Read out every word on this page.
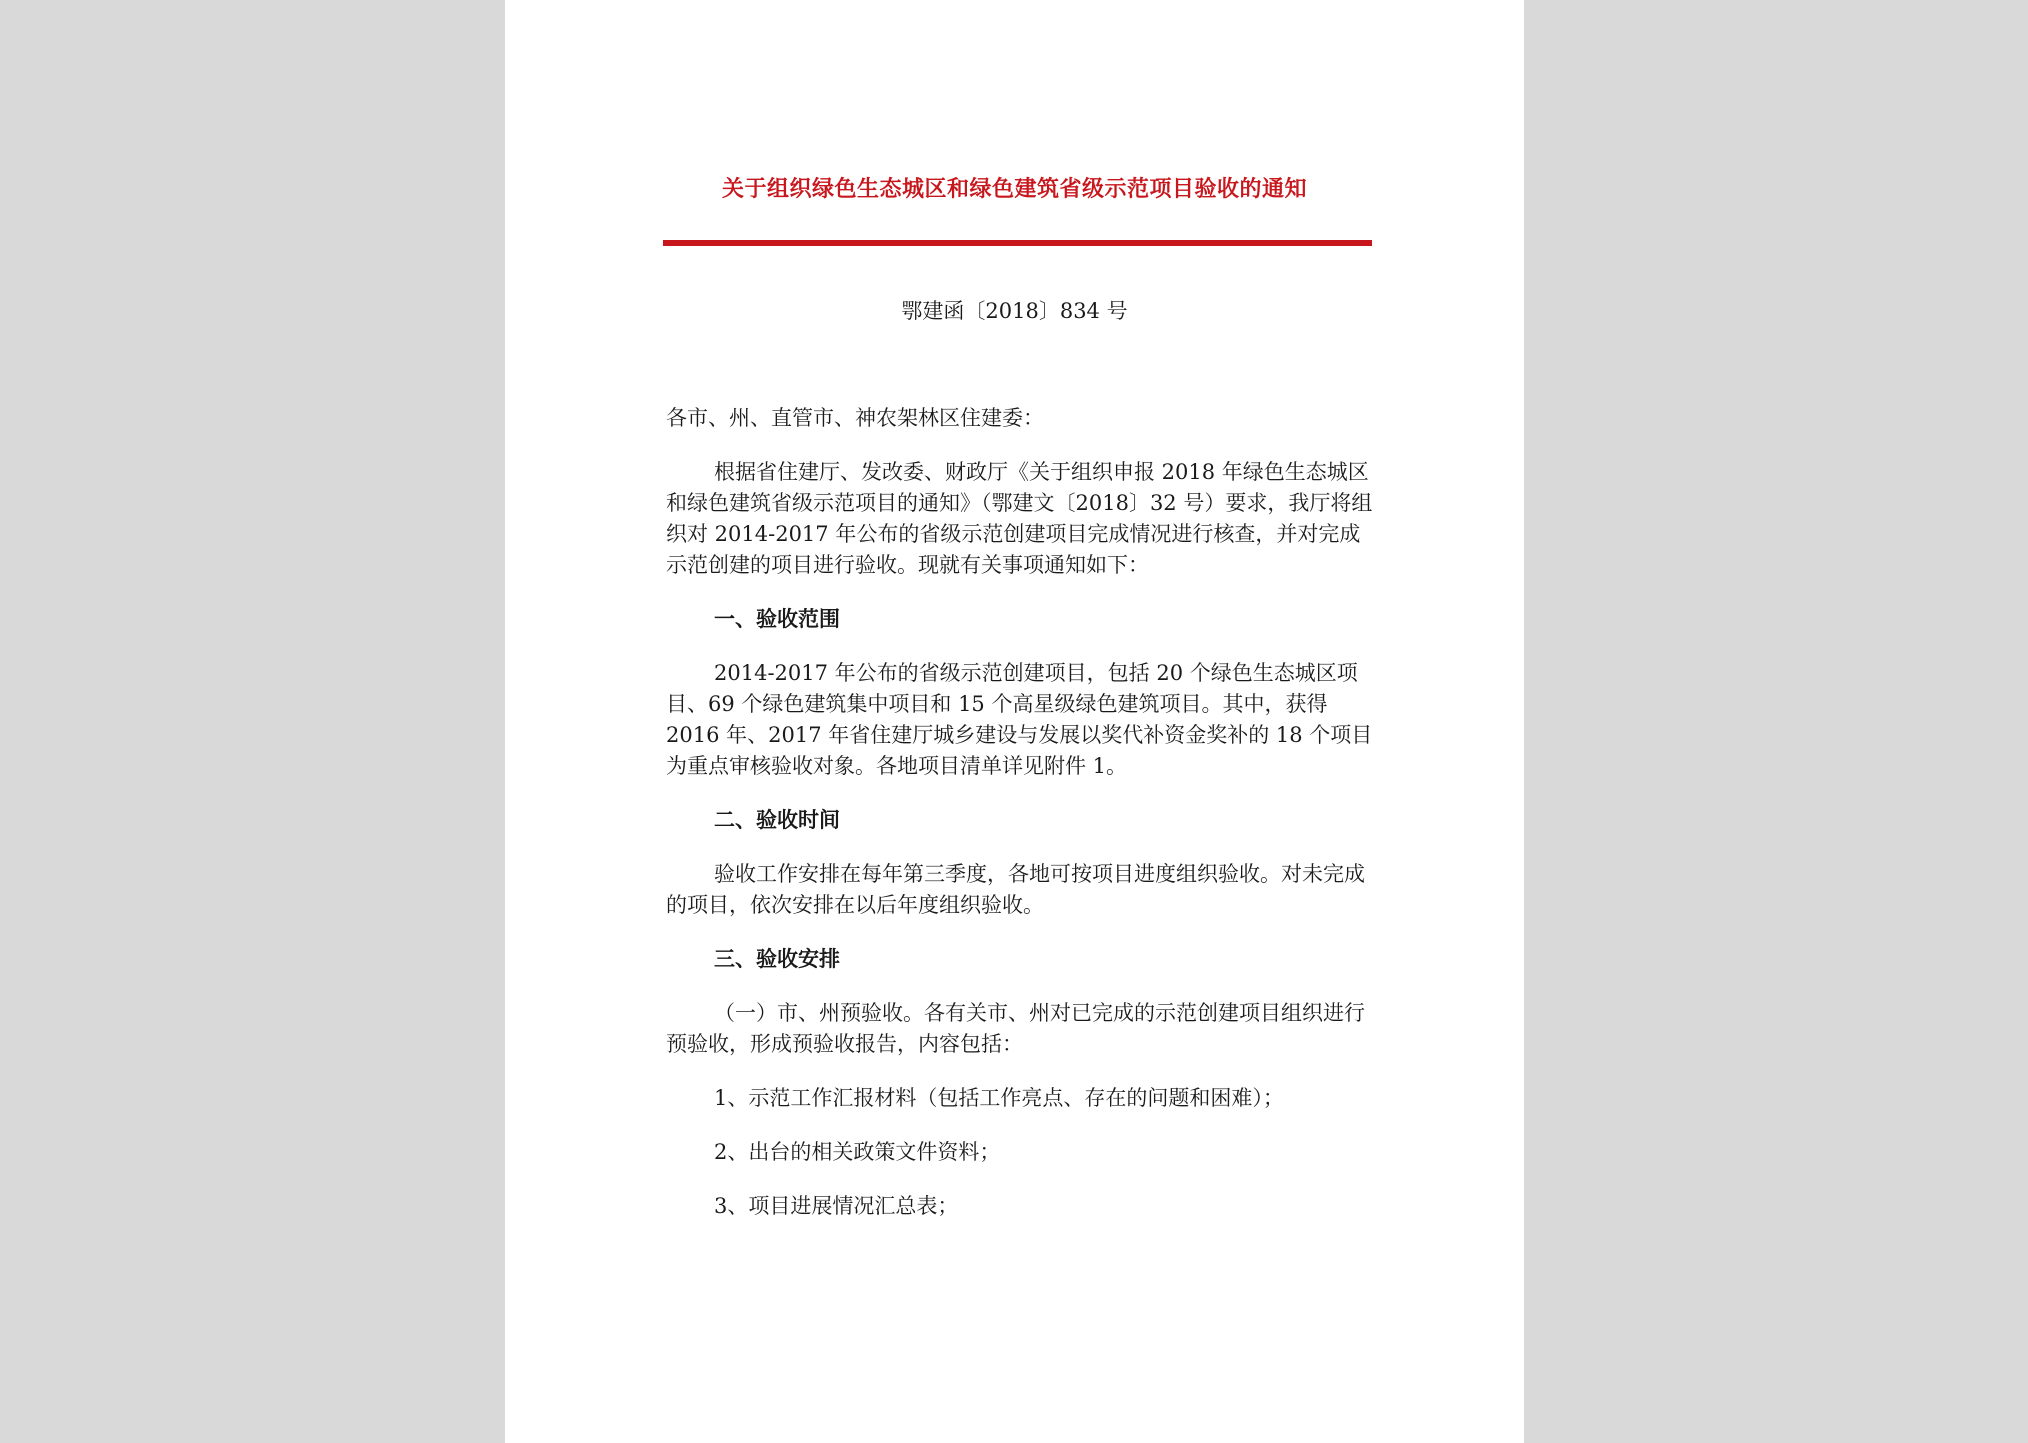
关于组织绿色生态城区和绿色建筑省级示范项目验收的通知
鄂建函〔2018〕834 号

各市、州、直管市、神农架林区住建委：

根据省住建厅、发改委、财政厅《关于组织申报 2018 年绿色生态城区和绿色建筑省级示范项目的通知》（鄂建文〔2018〕32 号）要求，我厅将组织对 2014-2017 年公布的省级示范创建项目完成情况进行核查，并对完成示范创建的项目进行验收。现就有关事项通知如下：

一、验收范围

2014-2017 年公布的省级示范创建项目，包括 20 个绿色生态城区项目、69 个绿色建筑集中项目和 15 个高星级绿色建筑项目。其中，获得 2016 年、2017 年省住建厅城乡建设与发展以奖代补资金奖补的 18 个项目为重点审核验收对象。各地项目清单详见附件 1。

二、验收时间

验收工作安排在每年第三季度，各地可按项目进度组织验收。对未完成的项目，依次安排在以后年度组织验收。

三、验收安排

（一）市、州预验收。各有关市、州对已完成的示范创建项目组织进行预验收，形成预验收报告，内容包括：

1、示范工作汇报材料（包括工作亮点、存在的问题和困难）；

2、出台的相关政策文件资料；

3、项目进展情况汇总表；
